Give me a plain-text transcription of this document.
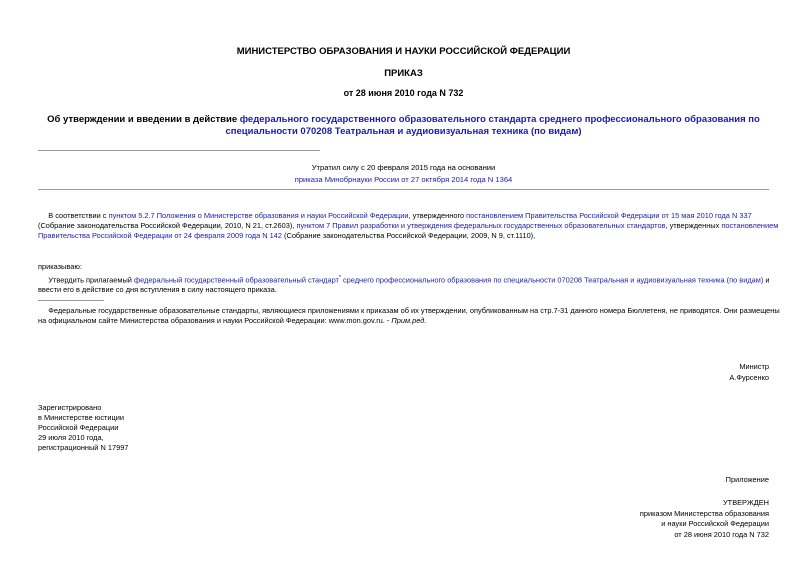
МИНИСТЕРСТВО ОБРАЗОВАНИЯ И НАУКИ РОССИЙСКОЙ ФЕДЕРАЦИИ
ПРИКАЗ
от 28 июня 2010 года N 732
Об утверждении и введении в действие федерального государственного образовательного стандарта среднего профессионального образования по
специальности 070208 Театральная и аудиовизуальная техника (по видам)
Утратил силу с 20 февраля 2015 года на основании
приказа Минобрнауки России от 27 октября 2014 года N 1364
В соответствии с пунктом 5.2.7 Положения о Министерстве образования и науки Российской Федерации, утвержденного постановлением Правительства Российской Федерации от 15 мая 2010 года N 337
(Собрание законодательства Российской Федерации, 2010, N 21, ст.2603), пунктом 7 Правил разработки и утверждения федеральных государственных образовательных стандартов, утвержденных постановлением
Правительства Российской Федерации от 24 февраля 2009 года N 142 (Собрание законодательства Российской Федерации, 2009, N 9, ст.1110),
приказываю:
Утвердить прилагаемый федеральный государственный образовательный стандарт* среднего профессионального образования по специальности 070208 Театральная и аудиовизуальная техника (по видам) и
ввести его в действие со дня вступления в силу настоящего приказа.
Федеральные государственные образовательные стандарты, являющиеся приложениями к приказам об их утверждении, опубликованным на стр.7-31 данного номера Бюллетеня, не приводятся. Они размещены
на официальном сайте Министерства образования и науки Российской Федерации: www.mon.gov.ru. - Прим.ред.
Министр
А.Фурсенко
Зарегистрировано
в Министерстве юстиции
Российской Федерации
29 июля 2010 года,
регистрационный N 17997
Приложение
УТВЕРЖДЕН
приказом Министерства образования
и науки Российской Федерации
от 28 июня 2010 года N 732
